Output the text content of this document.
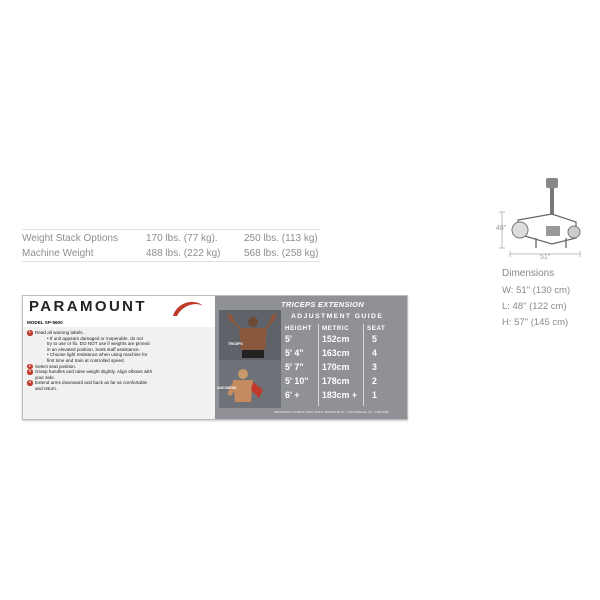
Weight Stack Options	170 lbs. (77 kg).	250 lbs. (113 kg)
Machine Weight	488 lbs. (222 kg) 568 lbs. (258 kg)
48"
51"
Dimensions
W: 51" (130 cm)
L: 48" (122 cm)
H: 57" (145 cm)
PARAMOUNT
MODEL SP-5600
1 Read all warning labels.
• If unit appears damaged or inoperable, do not
try to use or fix. DO NOT use if weights are pinned
in an elevated position. Seek staff assistance.
• Choose light resistance when using machine for
first time and train at controlled speed.
2 Select seat position.
3 Grasp handles and raise weight slightly. Align elbows with
your side.
4 Extend arms downward and back as far as comfortable
and return.
TRICEPS EXTENSION
TRICEPS
ANCONEUS
ADJUSTMENT GUIDE
HEIGHT METRIC	SEAT
5'	152cm	5
5' 4" 163cm	4
5' 7" 170cm	3
5' 10" 178cm	2
6' +	183cm + 1
PARAMOUNT FITNESS CORP. 6450 E. BANDINI BLVD. • LOS ANGELES, CA • 1-800-5296
